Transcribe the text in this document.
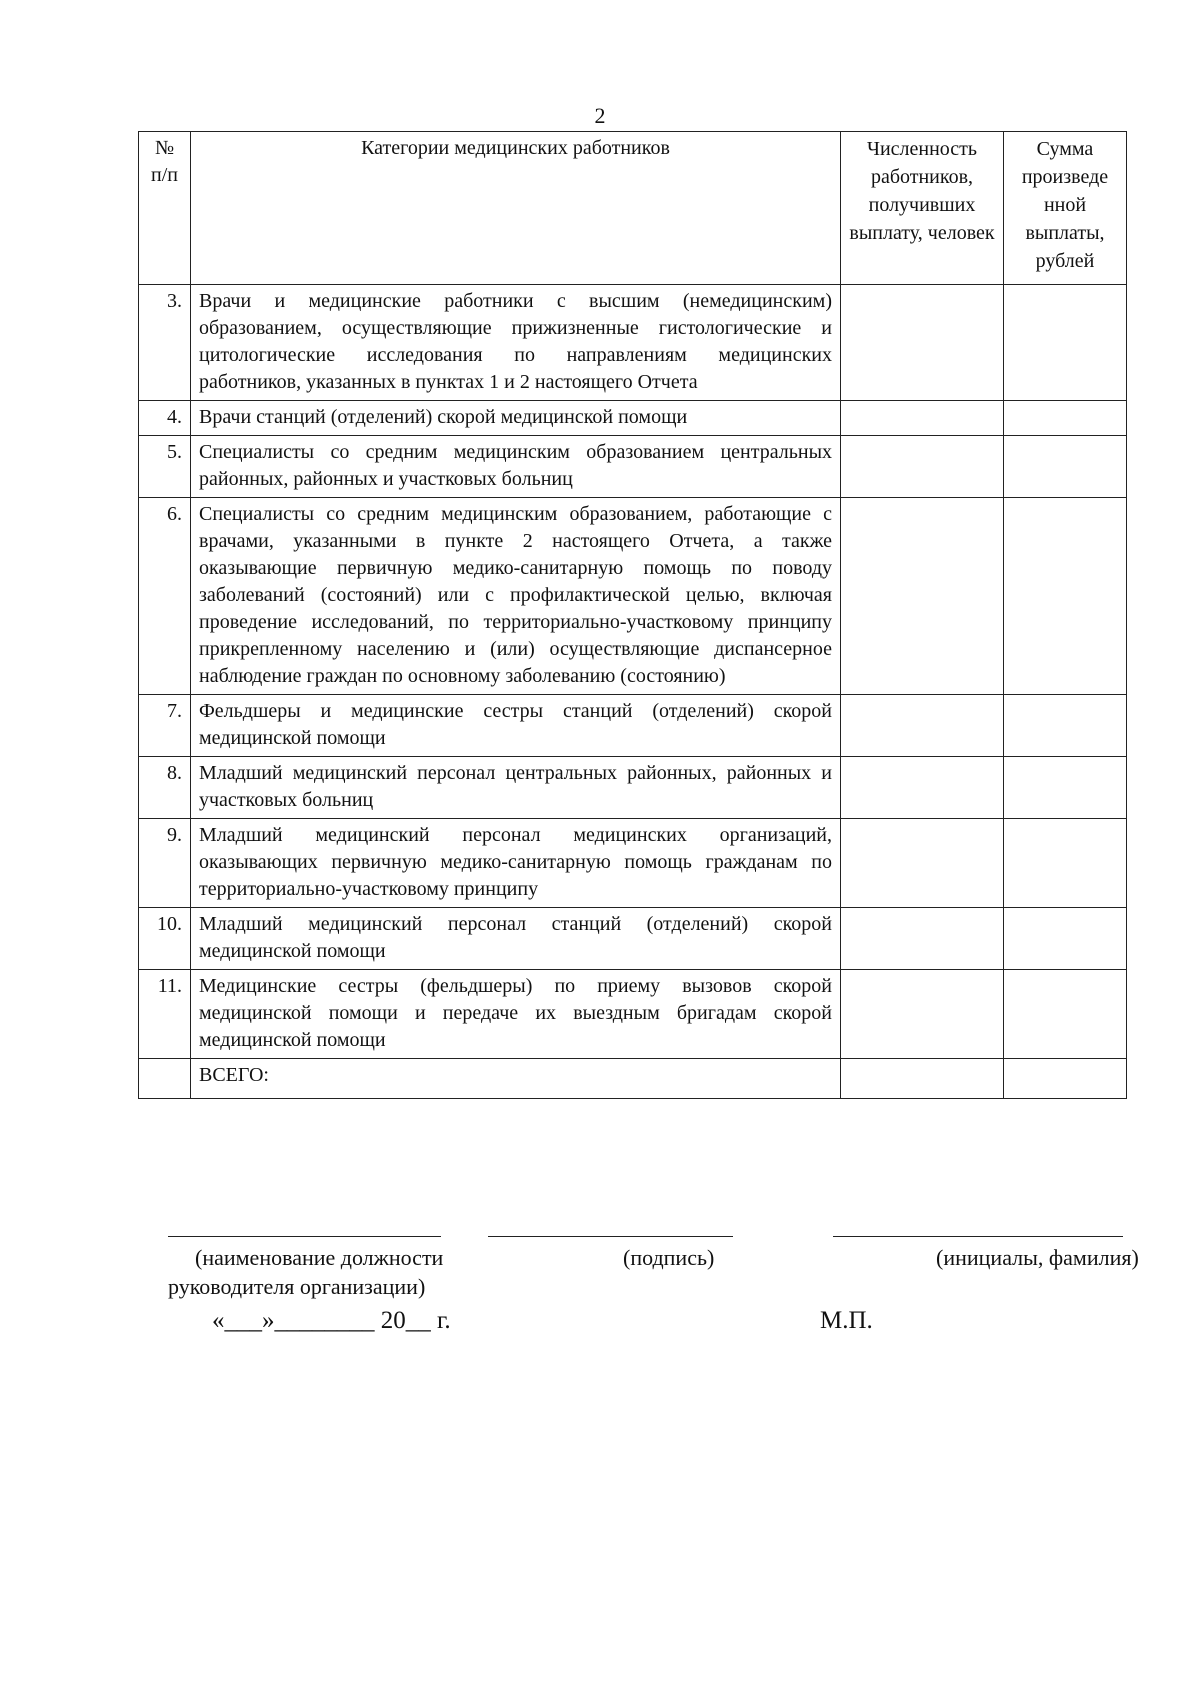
2
№ п/п	Категории медицинских работников	Численность работников, получивших выплату, человек	Сумма произведе нной выплаты, рублей
3.	Врачи и медицинские работники с высшим (немедицинским) образованием, осуществляющие прижизненные гистологические и цитологические исследования по направлениям медицинских работников, указанных в пунктах 1 и 2 настоящего Отчета		
4.	Врачи станций (отделений) скорой медицинской помощи		
5.	Специалисты со средним медицинским образованием центральных районных, районных и участковых больниц		
6.	Специалисты со средним медицинским образованием, работающие с врачами, указанными в пункте 2 настоящего Отчета, а также оказывающие первичную медико-санитарную помощь по поводу заболеваний (состояний) или с профилактической целью, включая проведение исследований, по территориально-участковому принципу прикрепленному населению и (или) осуществляющие диспансерное наблюдение граждан по основному заболеванию (состоянию)		
7.	Фельдшеры и медицинские сестры станций (отделений) скорой медицинской помощи		
8.	Младший медицинский персонал центральных районных, районных и участковых больниц		
9.	Младший медицинский персонал медицинских организаций, оказывающих первичную медико-санитарную помощь гражданам по территориально-участковому принципу		
10.	Младший медицинский персонал станций (отделений) скорой медицинской помощи		
11.	Медицинские сестры (фельдшеры) по приему вызовов скорой медицинской помощи и передаче их выездным бригадам скорой медицинской помощи		
	ВСЕГО:		
(наименование должности
руководителя организации)
(подпись)	(инициалы, фамилия)
«___»________ 20__ г.	М.П.
